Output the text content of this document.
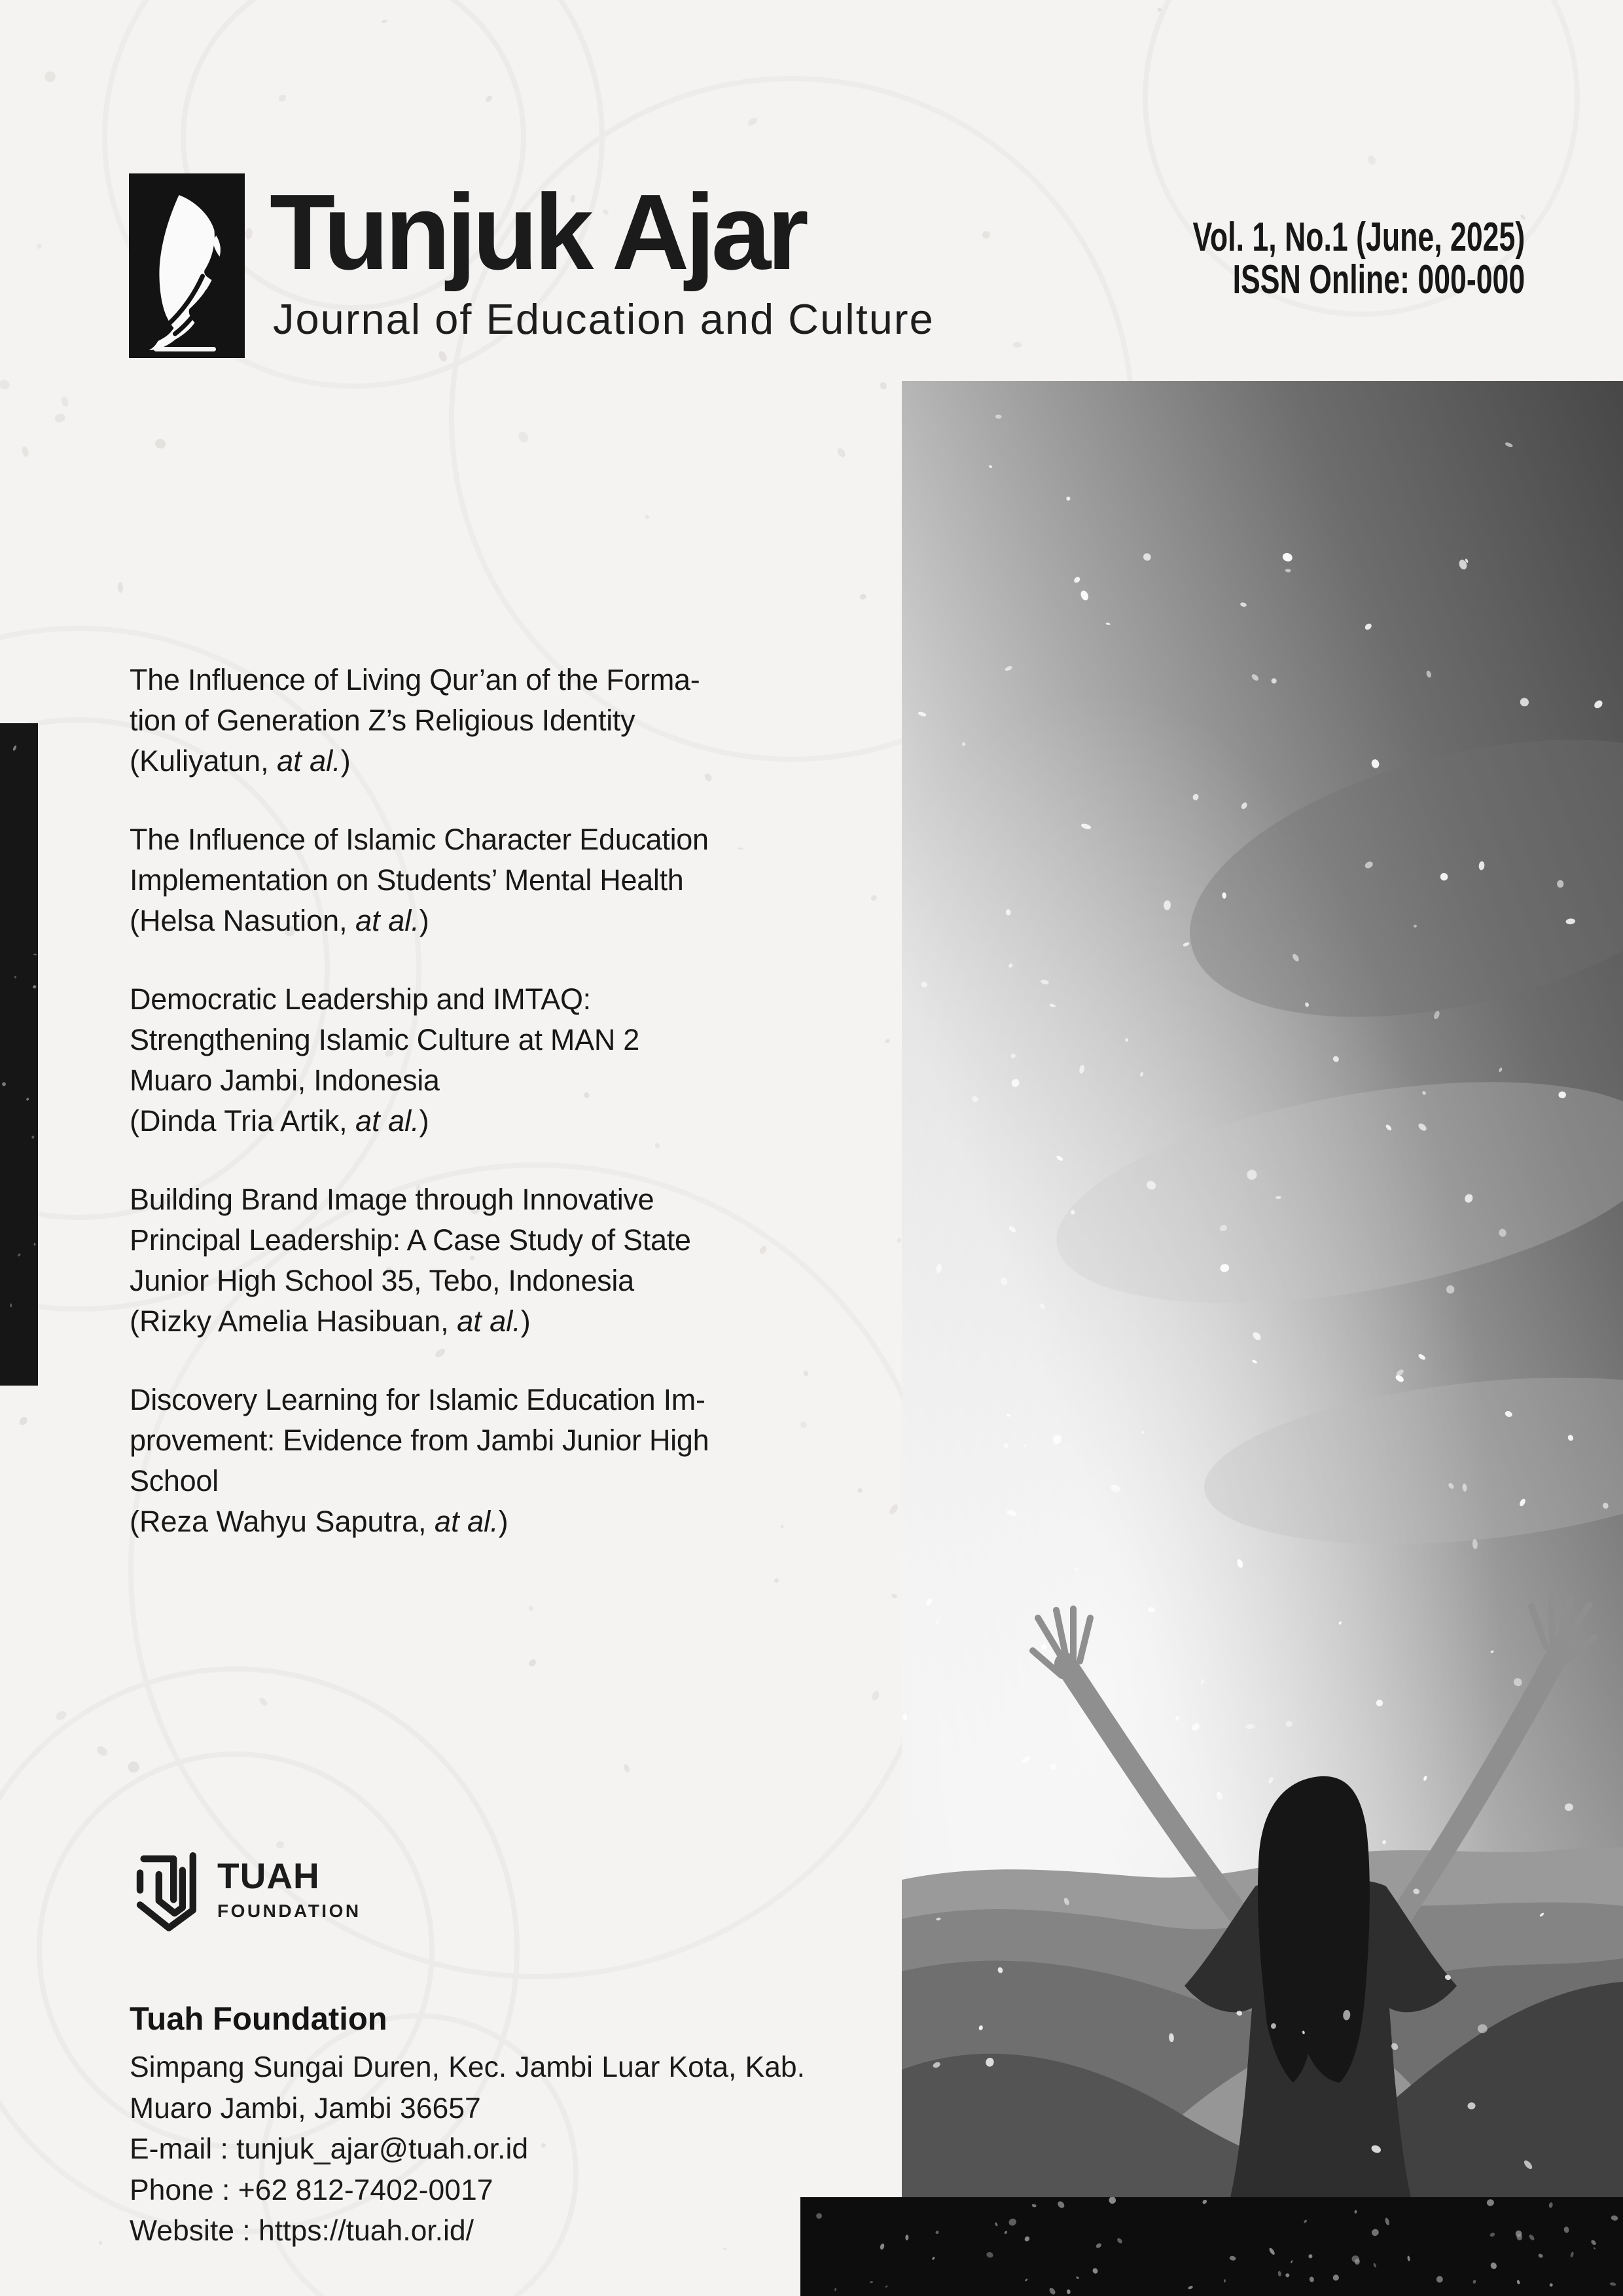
Tunjuk Ajar
Journal of Education and Culture
Vol. 1, No.1 (June, 2025)
ISSN Online: 000-000
The Influence of Living Qur’an of the Forma-
tion of Generation Z’s Religious Identity
(Kuliyatun, at al.)
The Influence of Islamic Character Education
Implementation on Students’ Mental Health
(Helsa Nasution, at al.)
Democratic Leadership and IMTAQ:
Strengthening Islamic Culture at MAN 2
Muaro Jambi, Indonesia
(Dinda Tria Artik, at al.)
Building Brand Image through Innovative
Principal Leadership: A Case Study of State
Junior High School 35, Tebo, Indonesia
(Rizky Amelia Hasibuan, at al.)
Discovery Learning for Islamic Education Im-
provement: Evidence from Jambi Junior High
School
(Reza Wahyu Saputra, at al.)
TUAH
FOUNDATION
Tuah Foundation
Simpang Sungai Duren, Kec. Jambi Luar Kota, Kab.
Muaro Jambi, Jambi 36657
E-mail : tunjuk_ajar@tuah.or.id
Phone : +62 812-7402-0017
Website : https://tuah.or.id/
